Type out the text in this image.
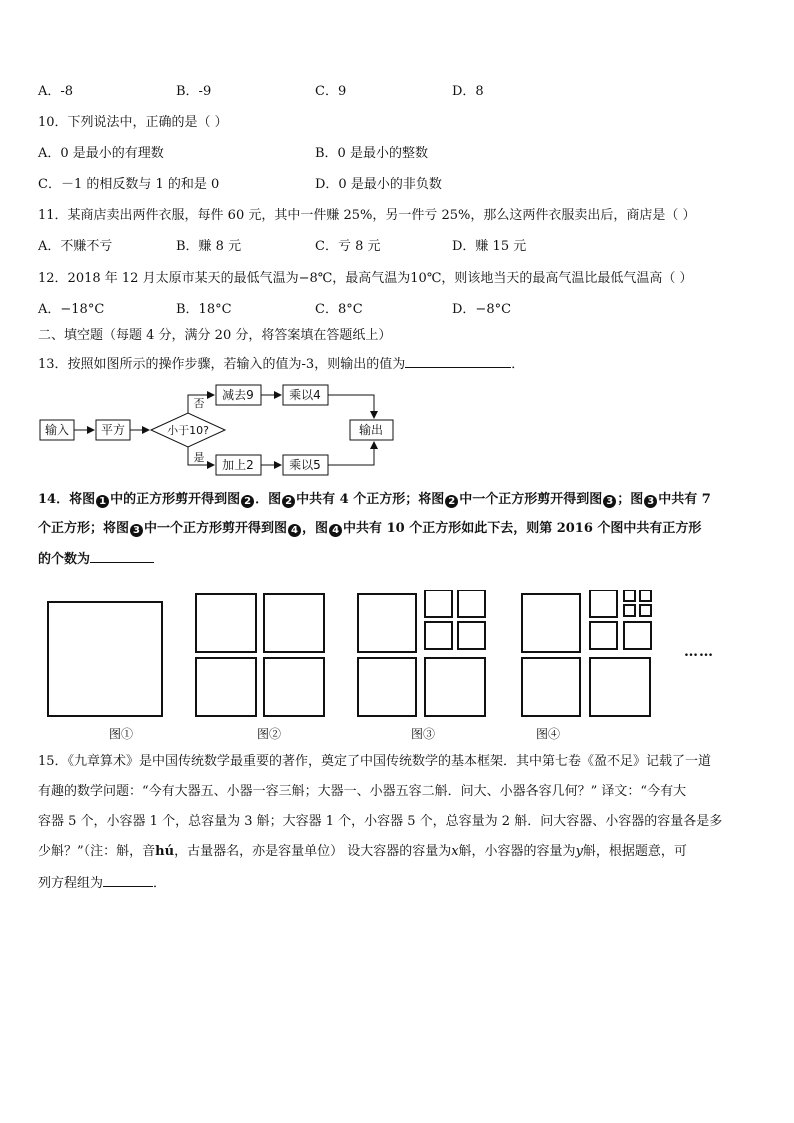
A．-8	B．-9	C．9	D．8
10．下列说法中，正确的是（ ）
A．0 是最小的有理数	B．0 是最小的整数
C．－1 的相反数与 1 的和是 0	D．0 是最小的非负数
11．某商店卖出两件衣服，每件 60 元，其中一件赚 25%，另一件亏 25%，那么这两件衣服卖出后，商店是（ ）
A．不赚不亏	B．赚 8 元	C．亏 8 元	D．赚 15 元
12．2018 年 12 月太原市某天的最低气温为−8℃，最高气温为10℃，则该地当天的最高气温比最低气温高（ ）
A．−18°C	B．18°C	C．8°C	D．−8°C
二、填空题（每题 4 分，满分 20 分，将答案填在答题纸上）
13．按照如图所示的操作步骤，若输入的值为-3，则输出的值为	．
输入	平方	小于10?
否
是
减去9	乘以4
加上2	乘以5
输出
14．将图 1 中的正方形剪开得到图 2 ．图 2 中共有 4 个正方形；将图 2 中一个正方形剪开得到图 3 ；图 3 中共有 7
个正方形；将图 3 中一个正方形剪开得到图 4 ，图 4 中共有 10 个正方形如此下去，则第 2016 个图中共有正方形
的个数为
……
图①	图②	图③	图④
15．《九章算术》是中国传统数学最重要的著作，奠定了中国传统数学的基本框架．其中第七卷《盈不足》记载了一道
有趣的数学问题：“今有大器五、小器一容三斛；大器一、小器五容二斛．问大、小器各容几何？” 译文：“今有大
容器 5 个，小容器 1 个，总容量为 3 斛；大容器 1 个，小容器 5 个，总容量为 2 斛．问大容器、小容器的容量各是多
少斛？”（注：斛，音hú，古量器名，亦是容量单位） 设大容器的容量为x斛，小容器的容量为y斛，根据题意，可
列方程组为	．
